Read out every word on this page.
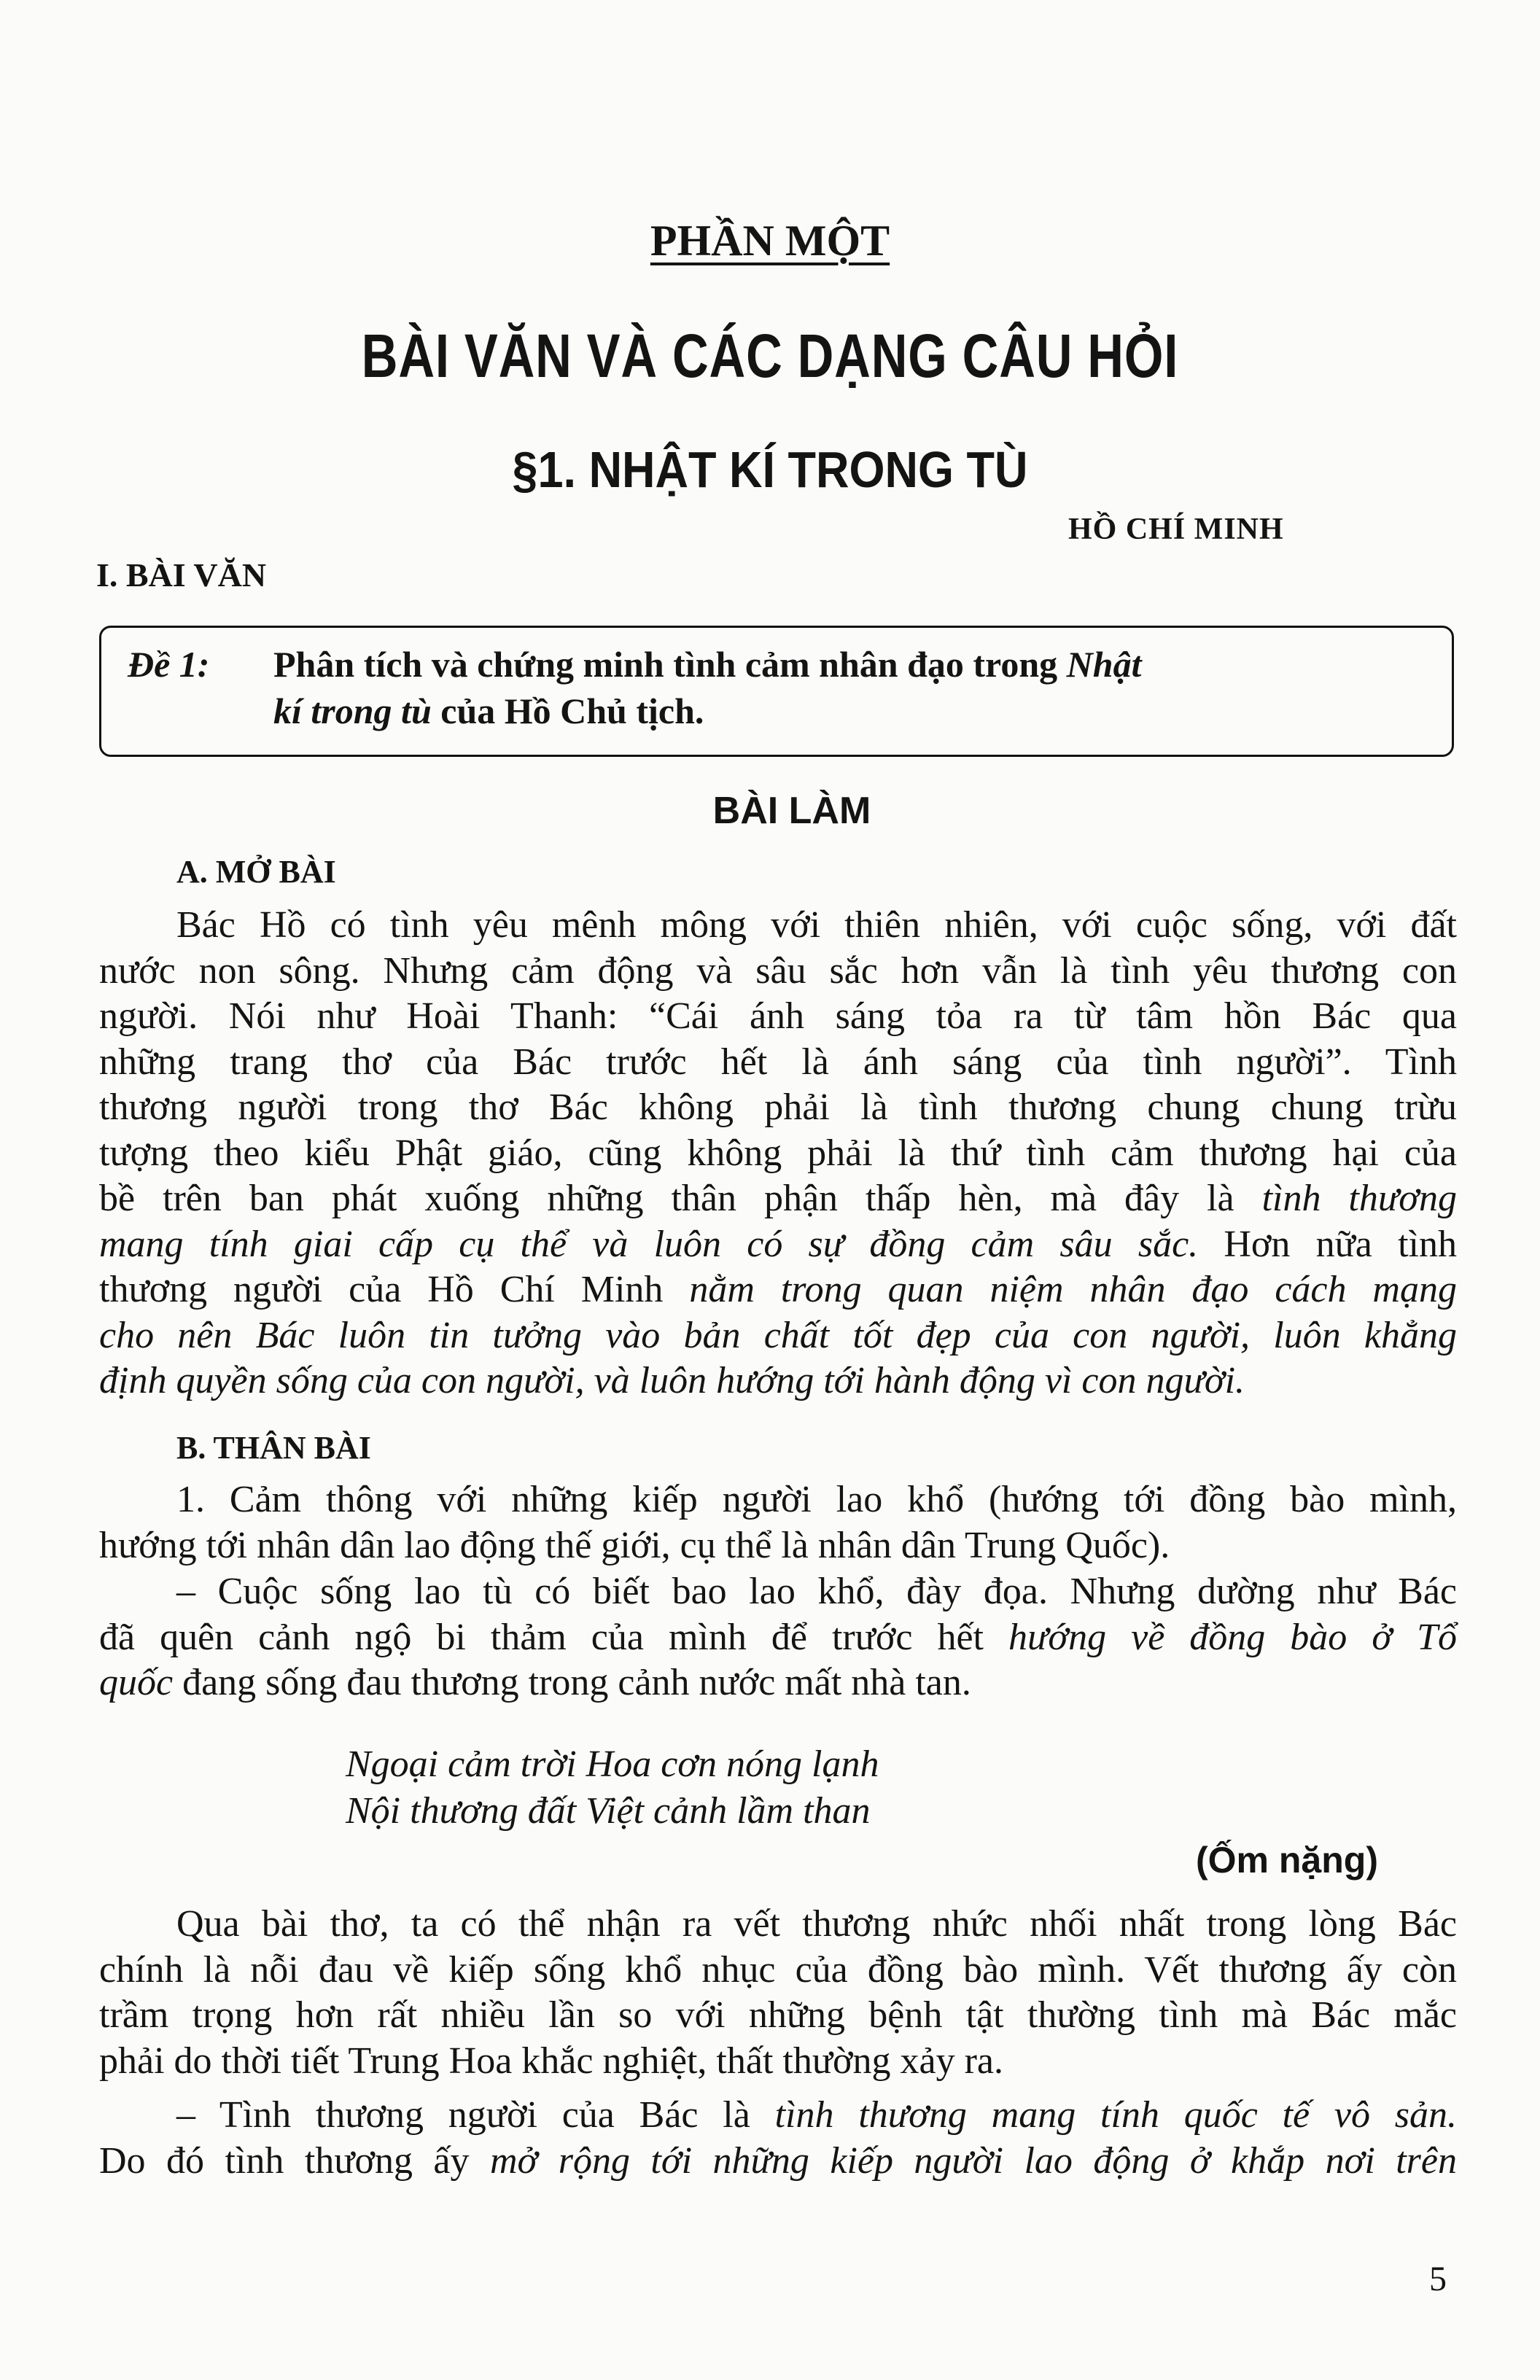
PHẦN MỘT
BÀI VĂN VÀ CÁC DẠNG CÂU HỎI
§1. NHẬT KÍ TRONG TÙ
HỒ CHÍ MINH
I. BÀI VĂN
Đề 1: Phân tích và chứng minh tình cảm nhân đạo trong Nhật
kí trong tù của Hồ Chủ tịch.
BÀI LÀM
A. MỞ BÀI
Bác Hồ có tình yêu mênh mông với thiên nhiên, với cuộc sống, với đất
nước non sông. Nhưng cảm động và sâu sắc hơn vẫn là tình yêu thương con
người. Nói như Hoài Thanh: “Cái ánh sáng tỏa ra từ tâm hồn Bác qua
những trang thơ của Bác trước hết là ánh sáng của tình người”. Tình
thương người trong thơ Bác không phải là tình thương chung chung trừu
tượng theo kiểu Phật giáo, cũng không phải là thứ tình cảm thương hại của
bề trên ban phát xuống những thân phận thấp hèn, mà đây là tình thương
mang tính giai cấp cụ thể và luôn có sự đồng cảm sâu sắc. Hơn nữa tình
thương người của Hồ Chí Minh nằm trong quan niệm nhân đạo cách mạng
cho nên Bác luôn tin tưởng vào bản chất tốt đẹp của con người, luôn khẳng
định quyền sống của con người, và luôn hướng tới hành động vì con người.
B. THÂN BÀI
1. Cảm thông với những kiếp người lao khổ (hướng tới đồng bào mình,
hướng tới nhân dân lao động thế giới, cụ thể là nhân dân Trung Quốc).
– Cuộc sống lao tù có biết bao lao khổ, đày đọa. Nhưng dường như Bác
đã quên cảnh ngộ bi thảm của mình để trước hết hướng về đồng bào ở Tổ
quốc đang sống đau thương trong cảnh nước mất nhà tan.
Ngoại cảm trời Hoa cơn nóng lạnh
Nội thương đất Việt cảnh lầm than
(Ốm nặng)
Qua bài thơ, ta có thể nhận ra vết thương nhức nhối nhất trong lòng Bác
chính là nỗi đau về kiếp sống khổ nhục của đồng bào mình. Vết thương ấy còn
trầm trọng hơn rất nhiều lần so với những bệnh tật thường tình mà Bác mắc
phải do thời tiết Trung Hoa khắc nghiệt, thất thường xảy ra.
– Tình thương người của Bác là tình thương mang tính quốc tế vô sản.
Do đó tình thương ấy mở rộng tới những kiếp người lao động ở khắp nơi trên
5
